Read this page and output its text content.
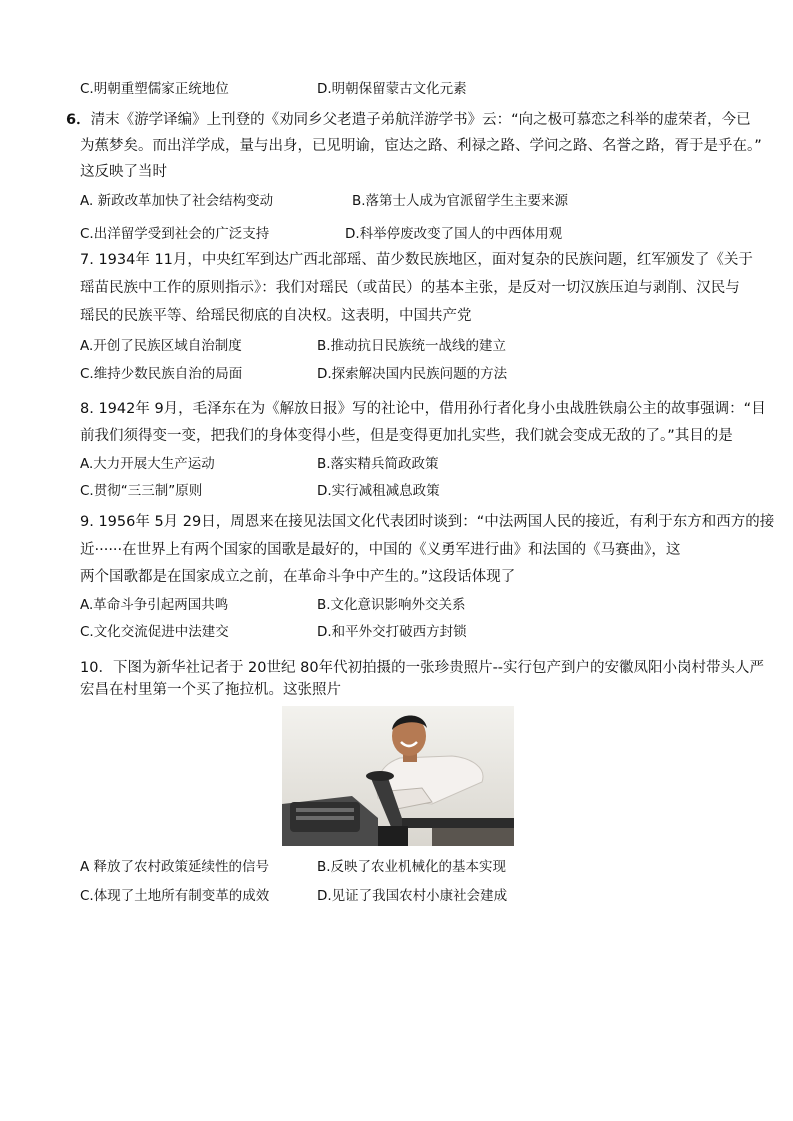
C.明朝重塑儒家正统地位	D.明朝保留蒙古文化元素
6．清末《游学译编》上刊登的《劝同乡父老遣子弟航洋游学书》云：“向之极可慕恋之科举的虚荣者，今已
为蕉梦矣。而出洋学成，量与出身，已见明谕，宦达之路、利禄之路、学问之路、名誉之路，胥于是乎在。”
这反映了当时
A. 新政改革加快了社会结构变动	B.落第士人成为官派留学生主要来源
C.出洋留学受到社会的广泛支持	D.科举停废改变了国人的中西体用观
7. 1934年 11月，中央红军到达广西北部瑶、苗少数民族地区，面对复杂的民族问题，红军颁发了《关于
瑶苗民族中工作的原则指示》：我们对瑶民（或苗民）的基本主张，是反对一切汉族压迫与剥削、汉民与
瑶民的民族平等、给瑶民彻底的自决权。这表明，中国共产党
A.开创了民族区域自治制度	B.推动抗日民族统一战线的建立
C.维持少数民族自治的局面	D.探索解决国内民族问题的方法
8. 1942年 9月，毛泽东在为《解放日报》写的社论中，借用孙行者化身小虫战胜铁扇公主的故事强调：“目
前我们须得变一变，把我们的身体变得小些，但是变得更加扎实些，我们就会变成无敌的了。”其目的是
A.大力开展大生产运动	B.落实精兵简政政策
C.贯彻“三三制”原则	D.实行减租减息政策
9. 1956年 5月 29日，周恩来在接见法国文化代表团时谈到：“中法两国人民的接近，有利于东方和西方的接
近······在世界上有两个国家的国歌是最好的，中国的《义勇军进行曲》和法国的《马赛曲》，这
两个国歌都是在国家成立之前，在革命斗争中产生的。”这段话体现了
A.革命斗争引起两国共鸣	B.文化意识影响外交关系
C.文化交流促进中法建交	D.和平外交打破西方封锁
10．下图为新华社记者于 20世纪 80年代初拍摄的一张珍贵照片--实行包产到户的安徽凤阳小岗村带头人严
宏昌在村里第一个买了拖拉机。这张照片
A 释放了农村政策延续性的信号	B.反映了农业机械化的基本实现
C.体现了土地所有制变革的成效	D.见证了我国农村小康社会建成
